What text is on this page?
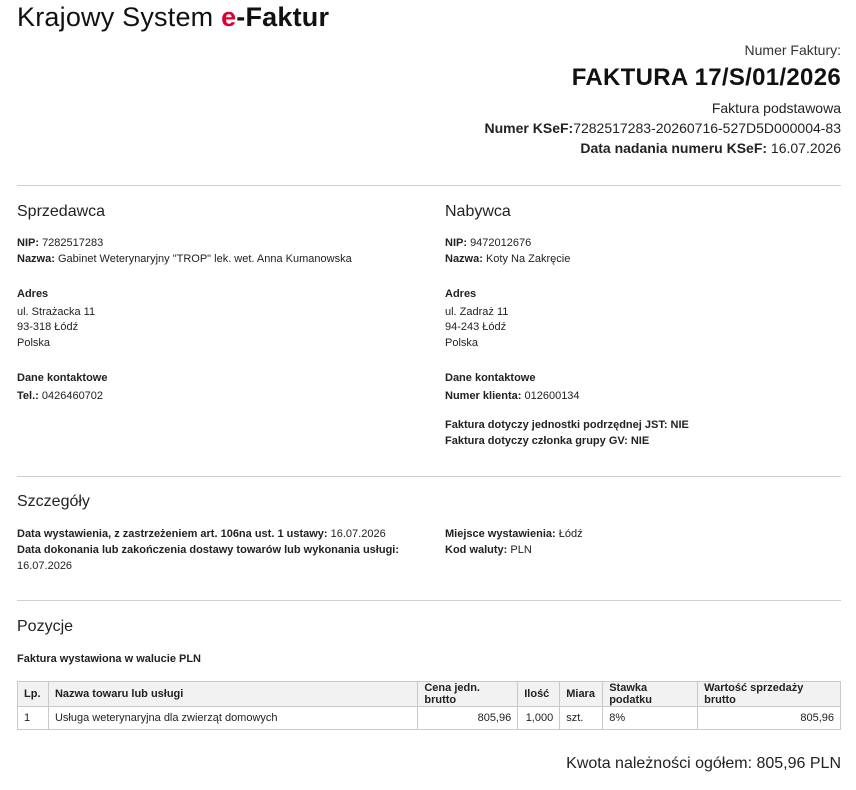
Krajowy System e-Faktur
Numer Faktury:
FAKTURA 17/S/01/2026
Faktura podstawowa
Numer KSeF:7282517283-20260716-527D5D000004-83
Data nadania numeru KSeF: 16.07.2026
Sprzedawca
NIP: 7282517283
Nazwa: Gabinet Weterynaryjny "TROP" lek. wet. Anna Kumanowska
Adres
ul. Strażacka 11
93-318 Łódź
Polska
Dane kontaktowe
Tel.: 0426460702
Nabywca
NIP: 9472012676
Nazwa: Koty Na Zakręcie
Adres
ul. Zadraż 11
94-243 Łódź
Polska
Dane kontaktowe
Numer klienta: 012600134
Faktura dotyczy jednostki podrzędnej JST: NIE
Faktura dotyczy członka grupy GV: NIE
Szczegóły
Data wystawienia, z zastrzeżeniem art. 106na ust. 1 ustawy: 16.07.2026
Data dokonania lub zakończenia dostawy towarów lub wykonania usługi: 16.07.2026
Miejsce wystawienia: Łódź
Kod waluty: PLN
Pozycje
Faktura wystawiona w walucie PLN
Lp.	Nazwa towaru lub usługi	Cena jedn. brutto	Ilość	Miara	Stawka podatku	Wartość sprzedaży brutto
1	Usługa weterynaryjna dla zwierząt domowych	805,96	1,000	szt.	8%	805,96
Kwota należności ogółem: 805,96 PLN
